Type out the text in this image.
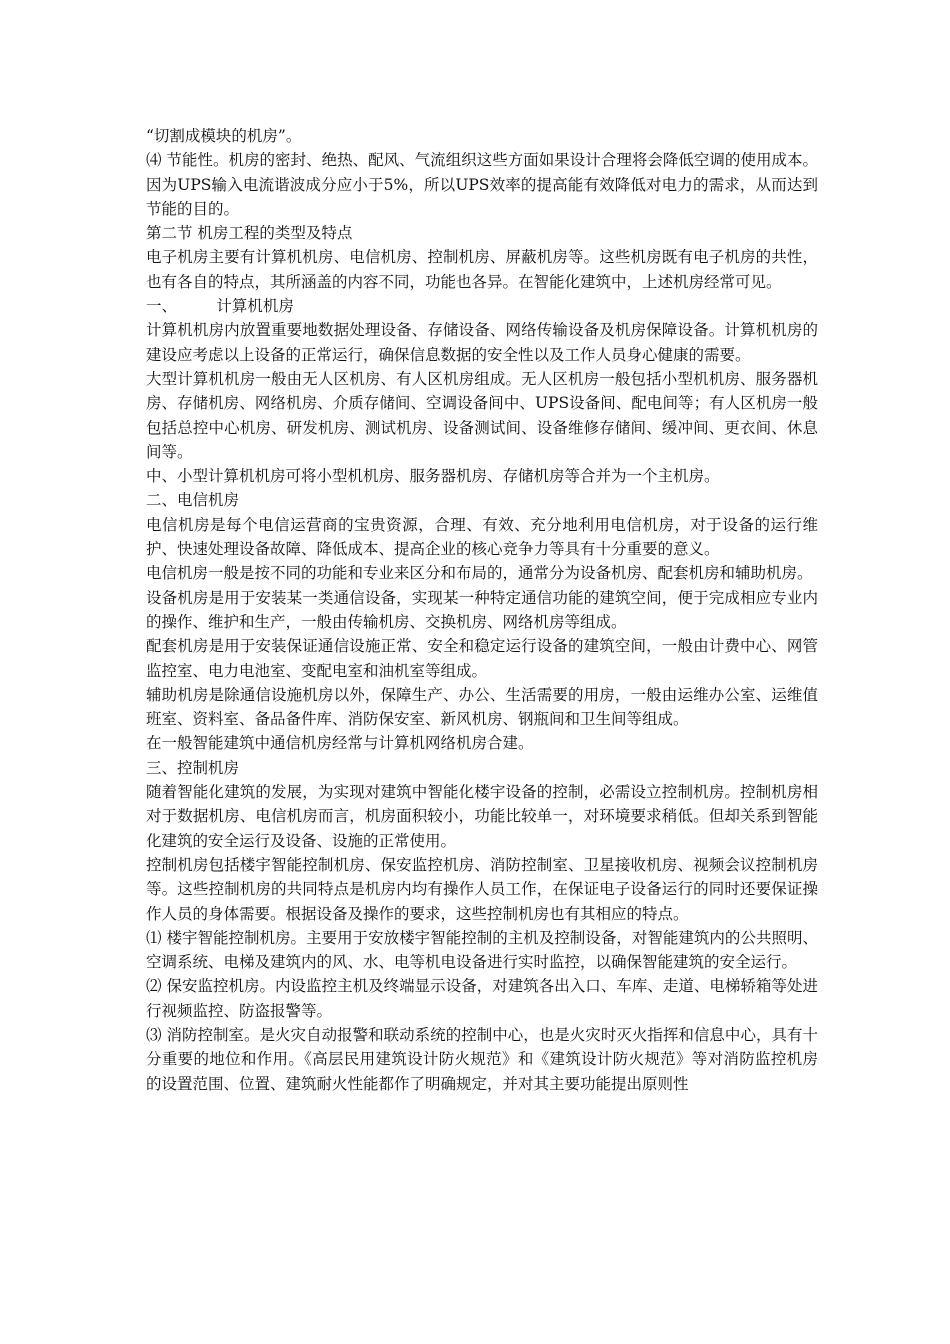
“切割成模块的机房”。

⑷ 节能性。机房的密封、绝热、配风、气流组织这些方面如果设计合理将会降低空调的使用成本。因为UPS输入电流谐波成分应小于5%，所以UPS效率的提高能有效降低对电力的需求，从而达到节能的目的。

第二节 机房工程的类型及特点

电子机房主要有计算机机房、电信机房、控制机房、屏蔽机房等。这些机房既有电子机房的共性，也有各自的特点，其所涵盖的内容不同，功能也各异。在智能化建筑中，上述机房经常可见。

一、        计算机机房

计算机机房内放置重要地数据处理设备、存储设备、网络传输设备及机房保障设备。计算机机房的建设应考虑以上设备的正常运行，确保信息数据的安全性以及工作人员身心健康的需要。

大型计算机机房一般由无人区机房、有人区机房组成。无人区机房一般包括小型机机房、服务器机房、存储机房、网络机房、介质存储间、空调设备间中、UPS设备间、配电间等；有人区机房一般包括总控中心机房、研发机房、测试机房、设备测试间、设备维修存储间、缓冲间、更衣间、休息间等。

中、小型计算机机房可将小型机机房、服务器机房、存储机房等合并为一个主机房。

二、电信机房

电信机房是每个电信运营商的宝贵资源，合理、有效、充分地利用电信机房，对于设备的运行维护、快速处理设备故障、降低成本、提高企业的核心竞争力等具有十分重要的意义。

电信机房一般是按不同的功能和专业来区分和布局的，通常分为设备机房、配套机房和辅助机房。

设备机房是用于安装某一类通信设备，实现某一种特定通信功能的建筑空间，便于完成相应专业内的操作、维护和生产，一般由传输机房、交换机房、网络机房等组成。

配套机房是用于安装保证通信设施正常、安全和稳定运行设备的建筑空间，一般由计费中心、网管监控室、电力电池室、变配电室和油机室等组成。

辅助机房是除通信设施机房以外，保障生产、办公、生活需要的用房，一般由运维办公室、运维值班室、资料室、备品备件库、消防保安室、新风机房、钢瓶间和卫生间等组成。

在一般智能建筑中通信机房经常与计算机网络机房合建。

三、控制机房

随着智能化建筑的发展，为实现对建筑中智能化楼宇设备的控制，必需设立控制机房。控制机房相对于数据机房、电信机房而言，机房面积较小，功能比较单一，对环境要求稍低。但却关系到智能化建筑的安全运行及设备、设施的正常使用。

控制机房包括楼宇智能控制机房、保安监控机房、消防控制室、卫星接收机房、视频会议控制机房等。这些控制机房的共同特点是机房内均有操作人员工作，在保证电子设备运行的同时还要保证操作人员的身体需要。根据设备及操作的要求，这些控制机房也有其相应的特点。

⑴ 楼宇智能控制机房。主要用于安放楼宇智能控制的主机及控制设备，对智能建筑内的公共照明、空调系统、电梯及建筑内的风、水、电等机电设备进行实时监控，以确保智能建筑的安全运行。

⑵ 保安监控机房。内设监控主机及终端显示设备，对建筑各出入口、车库、走道、电梯轿箱等处进行视频监控、防盗报警等。

⑶ 消防控制室。是火灾自动报警和联动系统的控制中心，也是火灾时灭火指挥和信息中心，具有十分重要的地位和作用。《高层民用建筑设计防火规范》和《建筑设计防火规范》等对消防监控机房的设置范围、位置、建筑耐火性能都作了明确规定，并对其主要功能提出原则性
